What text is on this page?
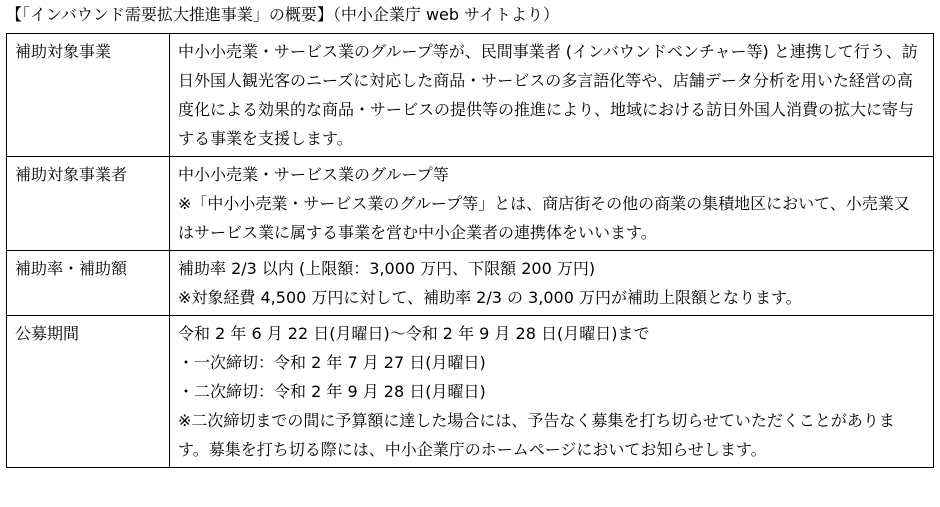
【「インバウンド需要拡大推進事業」の概要】（中小企業庁 web サイトより）
補助対象事業	中小小売業・サービス業のグループ等が、民間事業者 (インバウンドベンチャー等) と連携して行う、訪日外国人観光客のニーズに対応した商品・サービスの多言語化等や、店舗データ分析を用いた経営の高度化による効果的な商品・サービスの提供等の推進により、地域における訪日外国人消費の拡大に寄与する事業を支援します。

補助対象事業者	中小小売業・サービス業のグループ等
※「中小小売業・サービス業のグループ等」とは、商店街その他の商業の集積地区において、小売業又はサービス業に属する事業を営む中小企業者の連携体をいいます。

補助率・補助額	補助率 2/3 以内 (上限額：3,000 万円、下限額 200 万円)
※対象経費 4,500 万円に対して、補助率 2/3 の 3,000 万円が補助上限額となります。

公募期間	令和 2 年 6 月 22 日(月曜日)～令和 2 年 9 月 28 日(月曜日)まで
・一次締切：令和 2 年 7 月 27 日(月曜日)
・二次締切：令和 2 年 9 月 28 日(月曜日)
※二次締切までの間に予算額に達した場合には、予告なく募集を打ち切らせていただくことがあります。募集を打ち切る際には、中小企業庁のホームページにおいてお知らせします。
